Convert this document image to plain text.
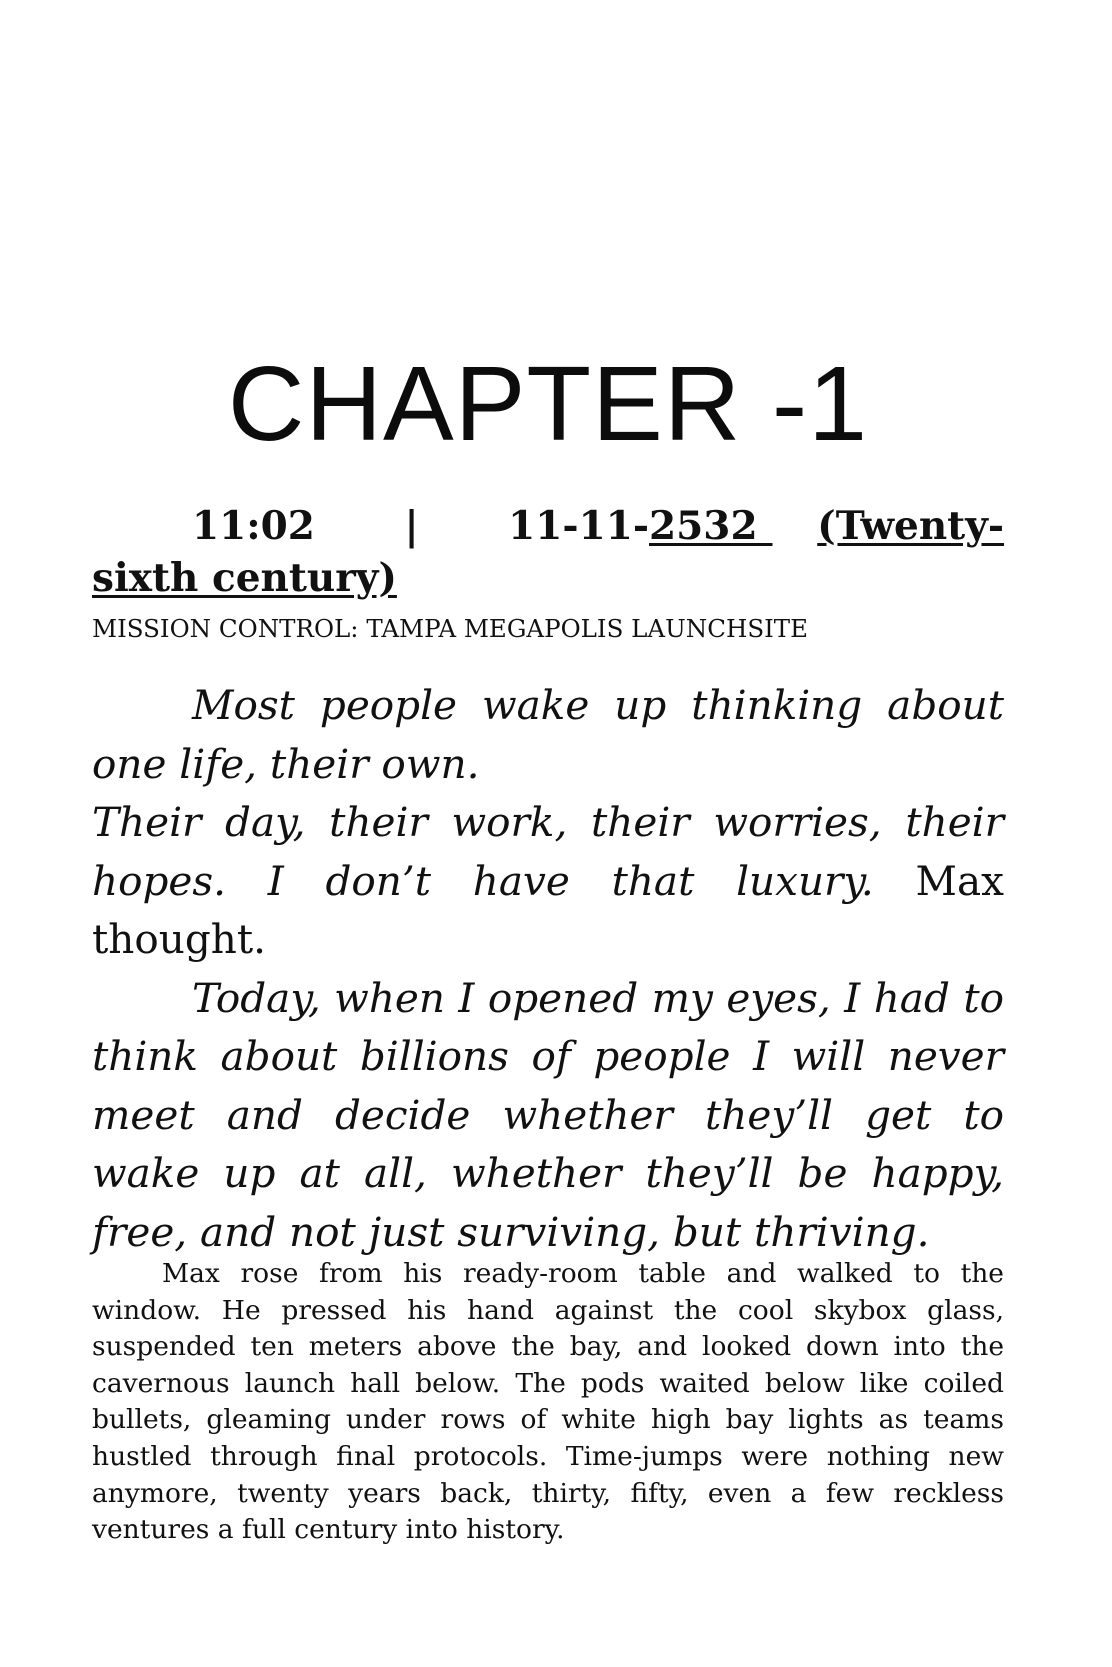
CHAPTER -1

11:02 | 11-11-2532    (Twenty-sixth century)

MISSION CONTROL: TAMPA MEGAPOLIS LAUNCHSITE

Most people wake up thinking about one life, their own.

Their day, their work, their worries, their hopes. I don’t have that luxury. Max thought.

Today, when I opened my eyes, I had to think about billions of people I will never meet and decide whether they’ll get to wake up at all, whether they’ll be happy, free, and not just surviving, but thriving.

Max rose from his ready-room table and walked to the window. He pressed his hand against the cool skybox glass, suspended ten meters above the bay, and looked down into the cavernous launch hall below. The pods waited below like coiled bullets, gleaming under rows of white high bay lights as teams hustled through final protocols. Time-jumps were nothing new anymore, twenty years back, thirty, fifty, even a few reckless ventures a full century into history.
